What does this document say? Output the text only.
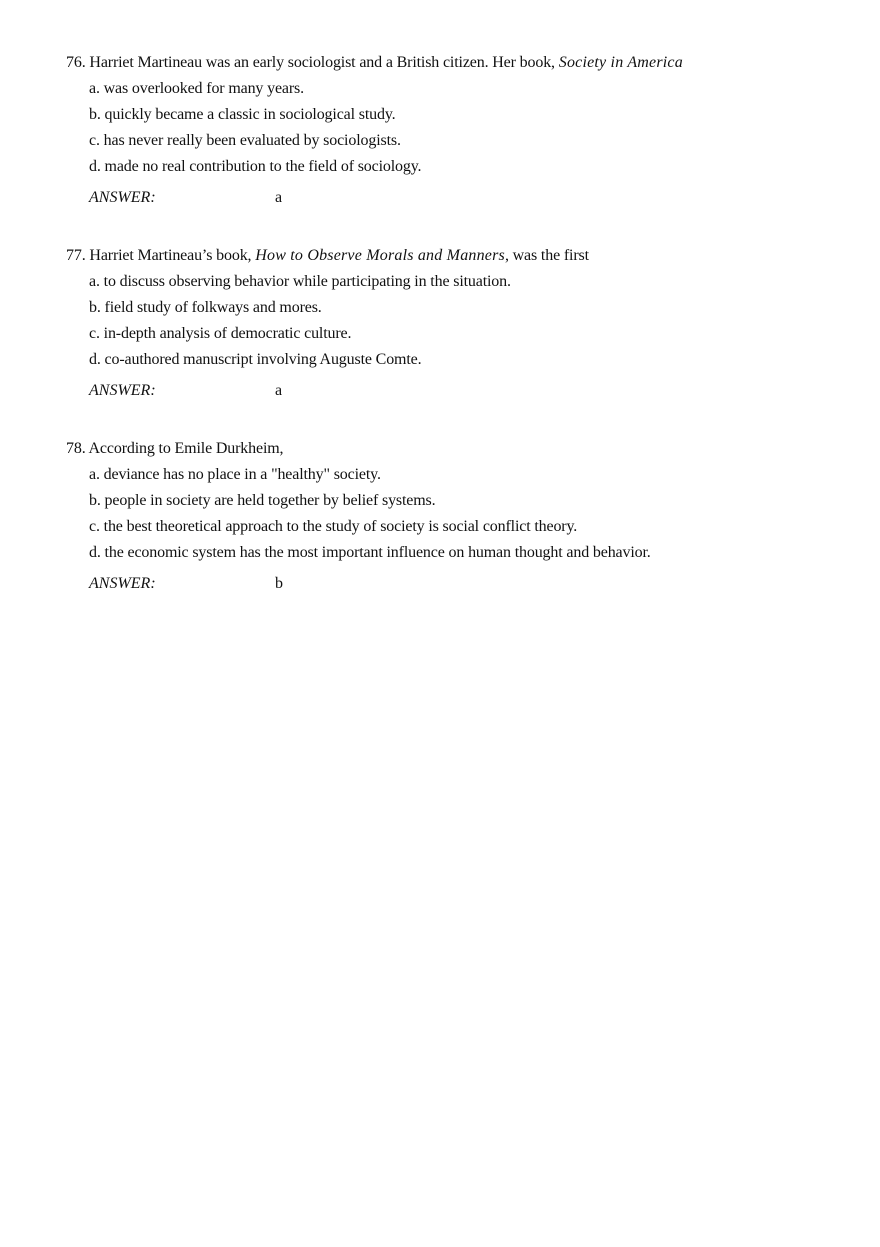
76. Harriet Martineau was an early sociologist and a British citizen. Her book, Society in America
a. was overlooked for many years.
b. quickly became a classic in sociological study.
c. has never really been evaluated by sociologists.
d. made no real contribution to the field of sociology.
ANSWER:	a
77. Harriet Martineau’s book, How to Observe Morals and Manners, was the first
a. to discuss observing behavior while participating in the situation.
b. field study of folkways and mores.
c. in-depth analysis of democratic culture.
d. co-authored manuscript involving Auguste Comte.
ANSWER:	a
78. According to Emile Durkheim,
a. deviance has no place in a "healthy" society.
b. people in society are held together by belief systems.
c. the best theoretical approach to the study of society is social conflict theory.
d. the economic system has the most important influence on human thought and behavior.
ANSWER:	b
